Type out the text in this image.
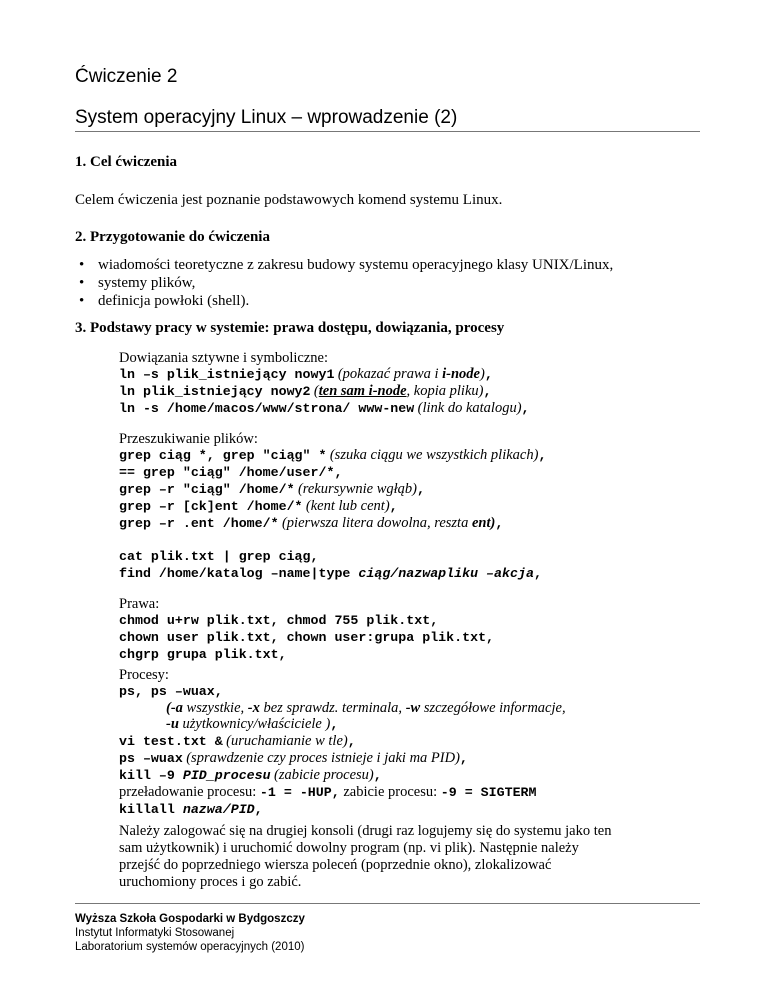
Ćwiczenie 2
System operacyjny Linux – wprowadzenie (2)
1. Cel ćwiczenia
Celem ćwiczenia jest poznanie podstawowych komend systemu Linux.
2. Przygotowanie do ćwiczenia
• wiadomości teoretyczne z zakresu budowy systemu operacyjnego klasy UNIX/Linux,
• systemy plików,
• definicja powłoki (shell).
3. Podstawy pracy w systemie: prawa dostępu, dowiązania, procesy
Dowiązania sztywne i symboliczne:
ln –s plik_istniejący nowy1 (pokazać prawa i i-node),
ln plik_istniejący nowy2 (ten sam i-node, kopia pliku),
ln -s /home/macos/www/strona/ www-new (link do katalogu),
Przeszukiwanie plików:
grep ciąg *, grep ″ciąg″ * (szuka ciągu we wszystkich plikach),
== grep ″ciąg″ /home/user/*,
grep –r ″ciąg″ /home/* (rekursywnie wgłąb),
grep –r [ck]ent /home/* (kent lub cent),
grep –r .ent /home/* (pierwsza litera dowolna, reszta ent),
cat plik.txt | grep ciąg,
find /home/katalog –name|type ciąg/nazwapliku –akcja,
Prawa:
chmod u+rw plik.txt, chmod 755 plik.txt,
chown user plik.txt, chown user:grupa plik.txt,
chgrp grupa plik.txt,
Procesy:
ps, ps –wuax,
(-a wszystkie, -x bez sprawdz. terminala, -w szczegółowe informacje,
-u użytkownicy/właściciele ),
vi test.txt & (uruchamianie w tle),
ps –wuax (sprawdzenie czy proces istnieje i jaki ma PID),
kill –9 PID_procesu (zabicie procesu),
przeładowanie procesu: -1 = -HUP, zabicie procesu: -9 = SIGTERM
killall nazwa/PID,
Należy zalogować się na drugiej konsoli (drugi raz logujemy się do systemu jako ten sam użytkownik) i uruchomić dowolny program (np. vi plik). Następnie należy przejść do poprzedniego wiersza poleceń (poprzednie okno), zlokalizować uruchomiony proces i go zabić.
Wyższa Szkoła Gospodarki w Bydgoszczy
Instytut Informatyki Stosowanej
Laboratorium systemów operacyjnych (2010)
